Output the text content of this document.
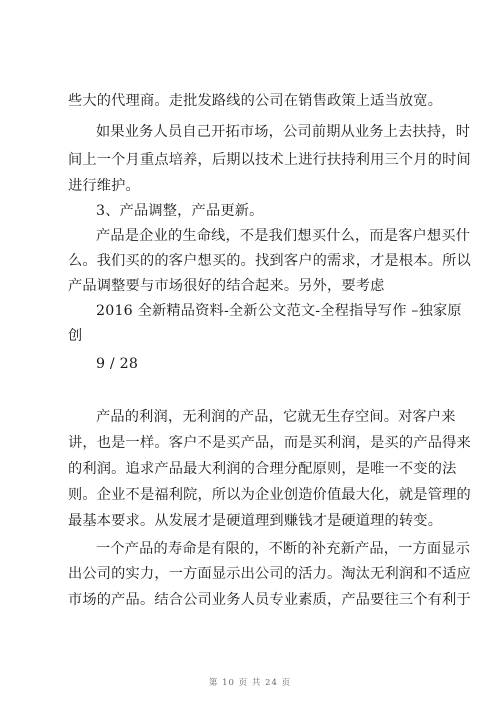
些大的代理商。走批发路线的公司在销售政策上适当放宽。
如果业务人员自己开拓市场，公司前期从业务上去扶持，时
间上一个月重点培养，后期以技术上进行扶持利用三个月的时间
进行维护。
3、产品调整，产品更新。
产品是企业的生命线，不是我们想买什么，而是客户想买什
么。我们买的的客户想买的。找到客户的需求，才是根本。所以
产品调整要与市场很好的结合起来。另外，要考虑
2016 全新精品资料-全新公文范文-全程指导写作 –独家原
创
9 / 28
产品的利润，无利润的产品，它就无生存空间。对客户来
讲，也是一样。客户不是买产品，而是买利润，是买的产品得来
的利润。追求产品最大利润的合理分配原则，是唯一不变的法
则。企业不是福利院，所以为企业创造价值最大化，就是管理的
最基本要求。从发展才是硬道理到赚钱才是硬道理的转变。
一个产品的寿命是有限的，不断的补充新产品，一方面显示
出公司的实力，一方面显示出公司的活力。淘汰无利润和不适应
市场的产品。结合公司业务人员专业素质，产品要往三个有利于
第 10 页 共 24 页
